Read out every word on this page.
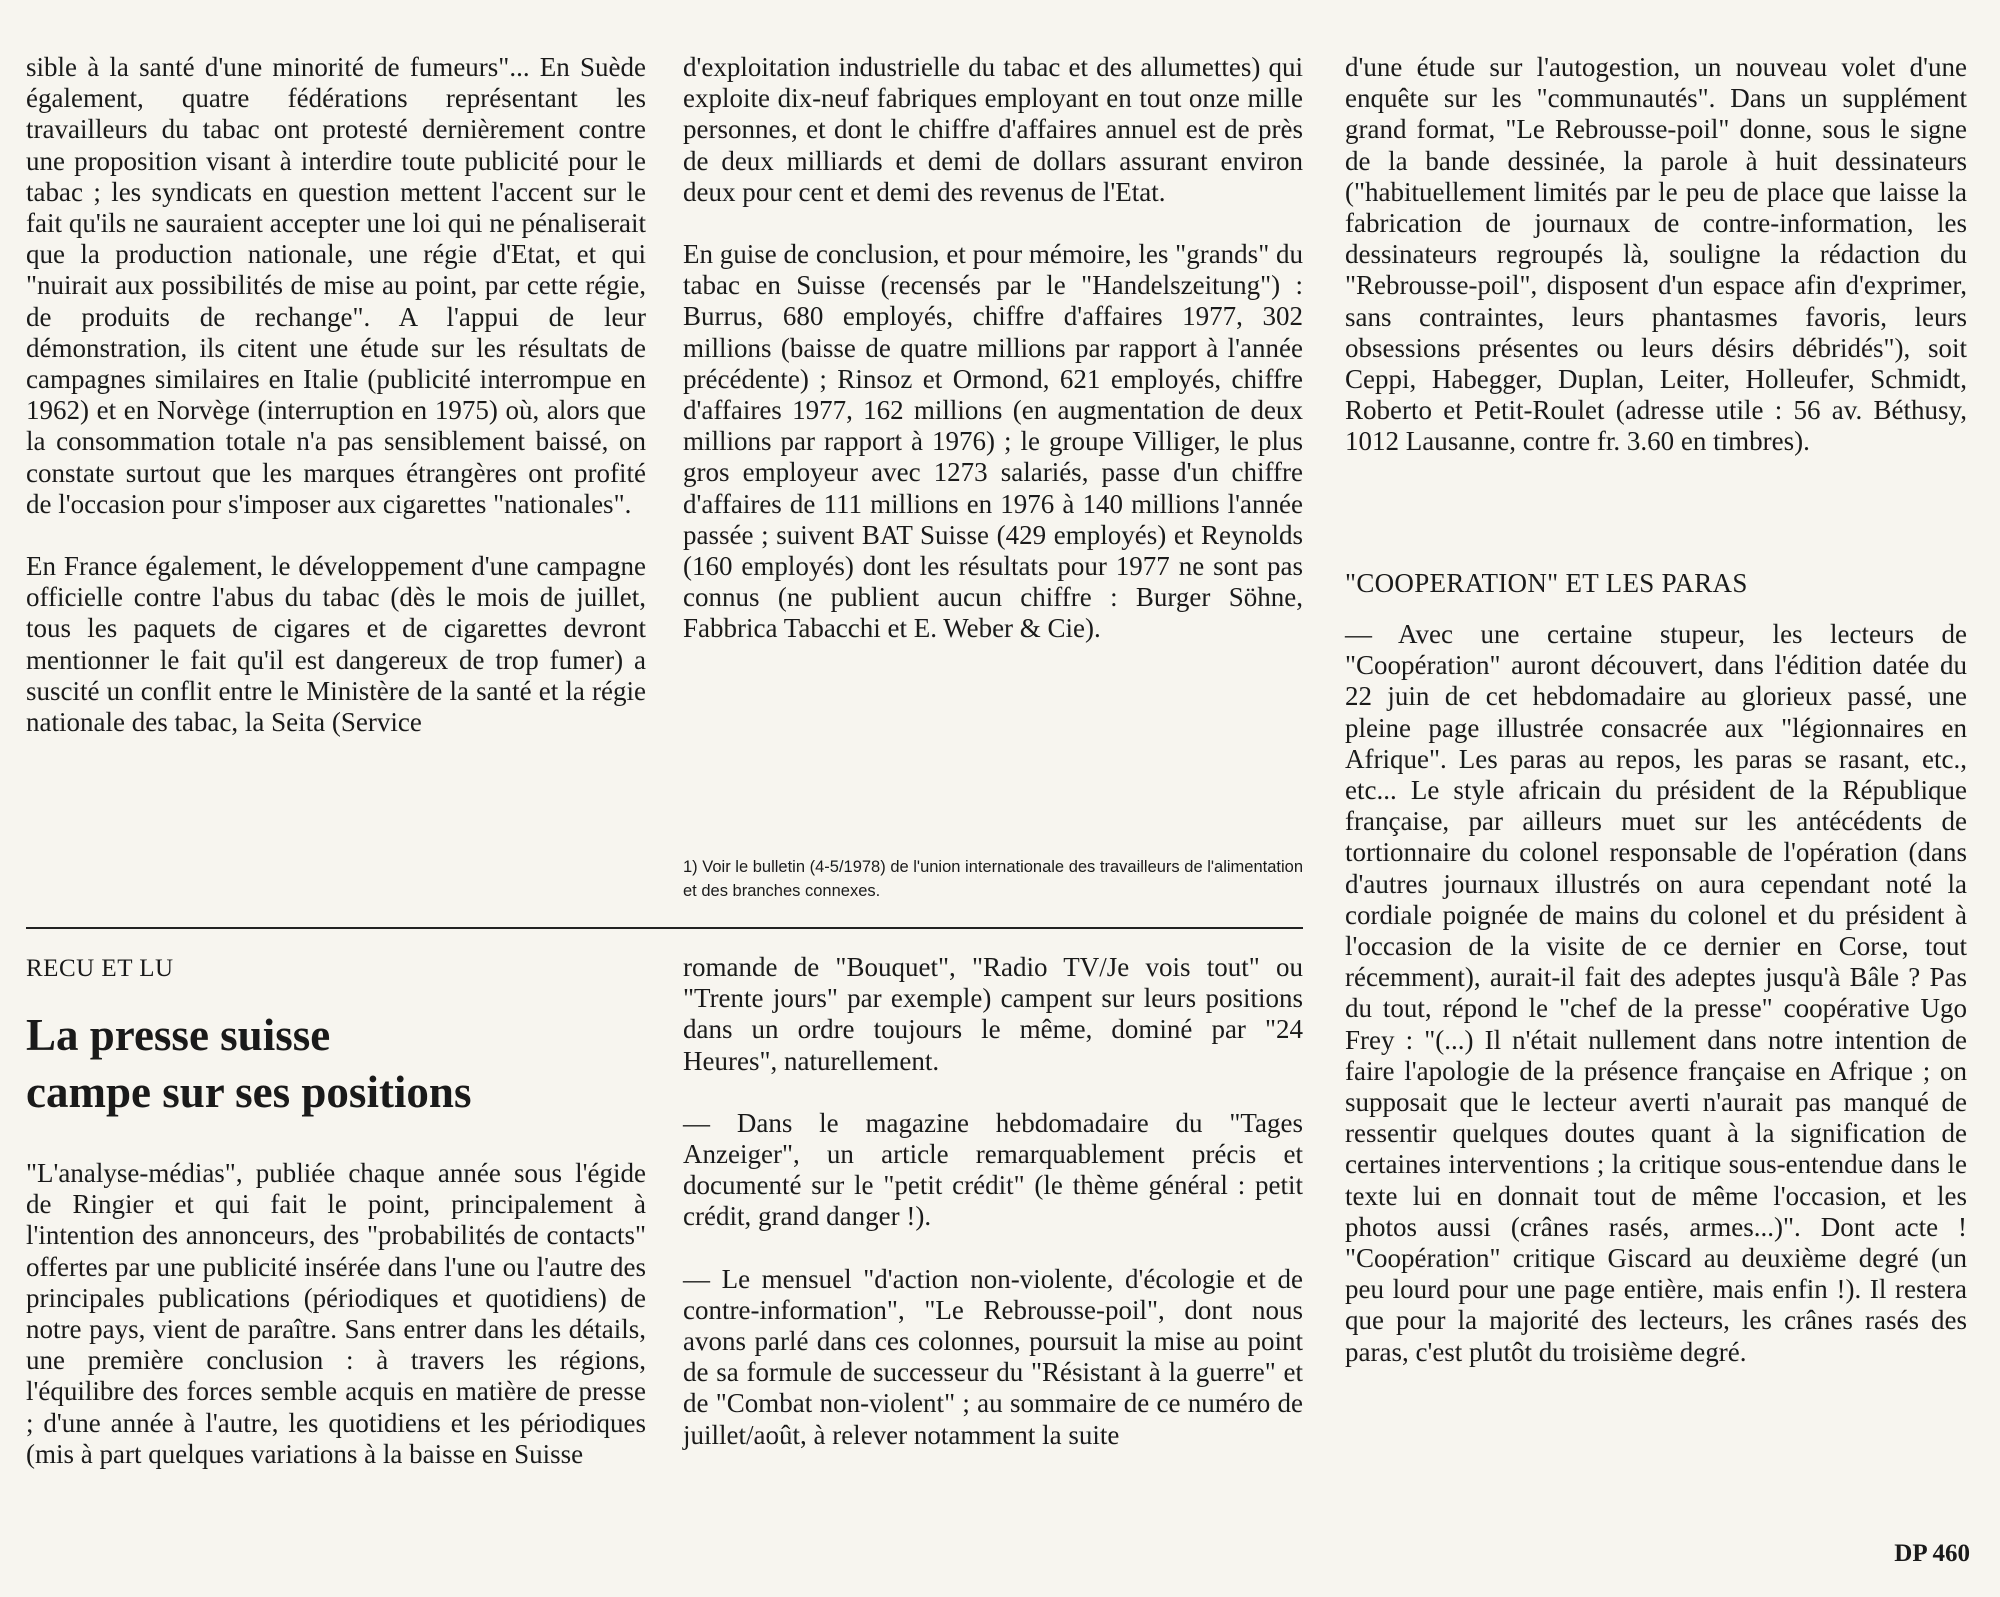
sible à la santé d'une minorité de fumeurs"... En Suède également, quatre fédérations représentant les travailleurs du tabac ont protesté dernièrement contre une proposition visant à interdire toute publicité pour le tabac ; les syndicats en question mettent l'accent sur le fait qu'ils ne sauraient accepter une loi qui ne pénaliserait que la production nationale, une régie d'Etat, et qui "nuirait aux possibilités de mise au point, par cette régie, de produits de rechange". A l'appui de leur démonstration, ils citent une étude sur les résultats de campagnes similaires en Italie (publicité interrompue en 1962) et en Norvège (interruption en 1975) où, alors que la consommation totale n'a pas sensiblement baissé, on constate surtout que les marques étrangères ont profité de l'occasion pour s'imposer aux cigarettes "nationales".

En France également, le développement d'une campagne officielle contre l'abus du tabac (dès le mois de juillet, tous les paquets de cigares et de cigarettes devront mentionner le fait qu'il est dangereux de trop fumer) a suscité un conflit entre le Ministère de la santé et la régie nationale des tabac, la Seita (Service

d'exploitation industrielle du tabac et des allumettes) qui exploite dix-neuf fabriques employant en tout onze mille personnes, et dont le chiffre d'affaires annuel est de près de deux milliards et demi de dollars assurant environ deux pour cent et demi des revenus de l'Etat.

En guise de conclusion, et pour mémoire, les "grands" du tabac en Suisse (recensés par le "Handelszeitung") : Burrus, 680 employés, chiffre d'affaires 1977, 302 millions (baisse de quatre millions par rapport à l'année précédente) ; Rinsoz et Ormond, 621 employés, chiffre d'affaires 1977, 162 millions (en augmentation de deux millions par rapport à 1976) ; le groupe Villiger, le plus gros employeur avec 1273 salariés, passe d'un chiffre d'affaires de 111 millions en 1976 à 140 millions l'année passée ; suivent BAT Suisse (429 employés) et Reynolds (160 employés) dont les résultats pour 1977 ne sont pas connus (ne publient aucun chiffre : Burger Söhne, Fabbrica Tabacchi et E. Weber & Cie).

1) Voir le bulletin (4-5/1978) de l'union internationale des travailleurs de l'alimentation et des branches connexes.
RECU ET LU
La presse suisse
campe sur ses positions

"L'analyse-médias", publiée chaque année sous l'égide de Ringier et qui fait le point, principalement à l'intention des annonceurs, des "probabilités de contacts" offertes par une publicité insérée dans l'une ou l'autre des principales publications (périodiques et quotidiens) de notre pays, vient de paraître. Sans entrer dans les détails, une première conclusion : à travers les régions, l'équilibre des forces semble acquis en matière de presse ; d'une année à l'autre, les quotidiens et les périodiques (mis à part quelques variations à la baisse en Suisse

romande de "Bouquet", "Radio TV/Je vois tout" ou "Trente jours" par exemple) campent sur leurs positions dans un ordre toujours le même, dominé par "24 Heures", naturellement.

— Dans le magazine hebdomadaire du "Tages Anzeiger", un article remarquablement précis et documenté sur le "petit crédit" (le thème général : petit crédit, grand danger !).

— Le mensuel "d'action non-violente, d'écologie et de contre-information", "Le Rebrousse-poil", dont nous avons parlé dans ces colonnes, poursuit la mise au point de sa formule de successeur du "Résistant à la guerre" et de "Combat non-violent" ; au sommaire de ce numéro de juillet/août, à relever notamment la suite

d'une étude sur l'autogestion, un nouveau volet d'une enquête sur les "communautés". Dans un supplément grand format, "Le Rebrousse-poil" donne, sous le signe de la bande dessinée, la parole à huit dessinateurs ("habituellement limités par le peu de place que laisse la fabrication de journaux de contre-information, les dessinateurs regroupés là, souligne la rédaction du "Rebrousse-poil", disposent d'un espace afin d'exprimer, sans contraintes, leurs phantasmes favoris, leurs obsessions présentes ou leurs désirs débridés"), soit Ceppi, Habegger, Duplan, Leiter, Holleufer, Schmidt, Roberto et Petit-Roulet (adresse utile : 56 av. Béthusy, 1012 Lausanne, contre fr. 3.60 en timbres).

"COOPERATION" ET LES PARAS

— Avec une certaine stupeur, les lecteurs de "Coopération" auront découvert, dans l'édition datée du 22 juin de cet hebdomadaire au glorieux passé, une pleine page illustrée consacrée aux "légionnaires en Afrique". Les paras au repos, les paras se rasant, etc., etc... Le style africain du président de la République française, par ailleurs muet sur les antécédents de tortionnaire du colonel responsable de l'opération (dans d'autres journaux illustrés on aura cependant noté la cordiale poignée de mains du colonel et du président à l'occasion de la visite de ce dernier en Corse, tout récemment), aurait-il fait des adeptes jusqu'à Bâle ? Pas du tout, répond le "chef de la presse" coopérative Ugo Frey : "(...) Il n'était nullement dans notre intention de faire l'apologie de la présence française en Afrique ; on supposait que le lecteur averti n'aurait pas manqué de ressentir quelques doutes quant à la signification de certaines interventions ; la critique sous-entendue dans le texte lui en donnait tout de même l'occasion, et les photos aussi (crânes rasés, armes...)". Dont acte ! "Coopération" critique Giscard au deuxième degré (un peu lourd pour une page entière, mais enfin !). Il restera que pour la majorité des lecteurs, les crânes rasés des paras, c'est plutôt du troisième degré.

DP 460
